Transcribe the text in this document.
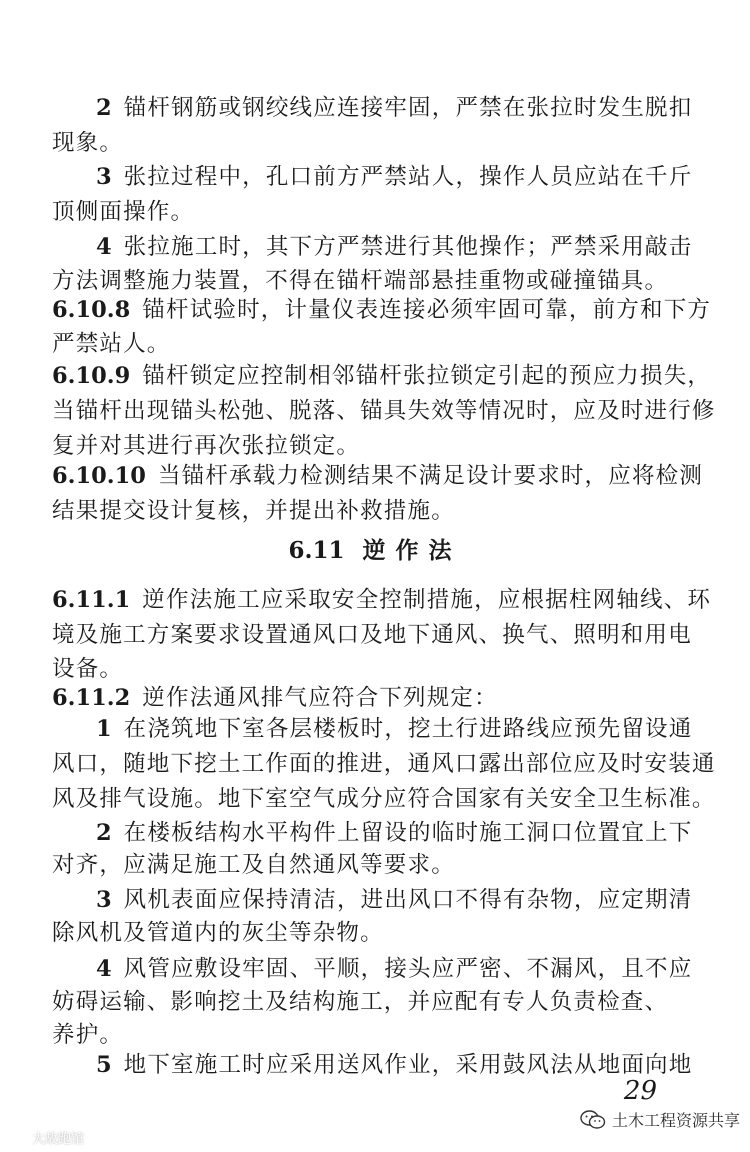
2 锚杆钢筋或钢绞线应连接牢固，严禁在张拉时发生脱扣
现象。
3 张拉过程中，孔口前方严禁站人，操作人员应站在千斤
顶侧面操作。
4 张拉施工时，其下方严禁进行其他操作；严禁采用敲击
方法调整施力装置，不得在锚杆端部悬挂重物或碰撞锚具。
6.10.8 锚杆试验时，计量仪表连接必须牢固可靠，前方和下方
严禁站人。
6.10.9 锚杆锁定应控制相邻锚杆张拉锁定引起的预应力损失，
当锚杆出现锚头松弛、脱落、锚具失效等情况时，应及时进行修
复并对其进行再次张拉锁定。
6.10.10 当锚杆承载力检测结果不满足设计要求时，应将检测
结果提交设计复核，并提出补救措施。
6.11 逆作法
6.11.1 逆作法施工应采取安全控制措施，应根据柱网轴线、环
境及施工方案要求设置通风口及地下通风、换气、照明和用电
设备。
6.11.2 逆作法通风排气应符合下列规定：
1 在浇筑地下室各层楼板时，挖土行进路线应预先留设通
风口，随地下挖土工作面的推进，通风口露出部位应及时安装通
风及排气设施。地下室空气成分应符合国家有关安全卫生标准。
2 在楼板结构水平构件上留设的临时施工洞口位置宜上下
对齐，应满足施工及自然通风等要求。
3 风机表面应保持清洁，进出风口不得有杂物，应定期清
除风机及管道内的灰尘等杂物。
4 风管应敷设牢固、平顺，接头应严密、不漏风，且不应
妨碍运输、影响挖土及结构施工，并应配有专人负责检查、
养护。
5 地下室施工时应采用送风作业，采用鼓风法从地面向地
29
土木工程资源共享
大故跑馆
